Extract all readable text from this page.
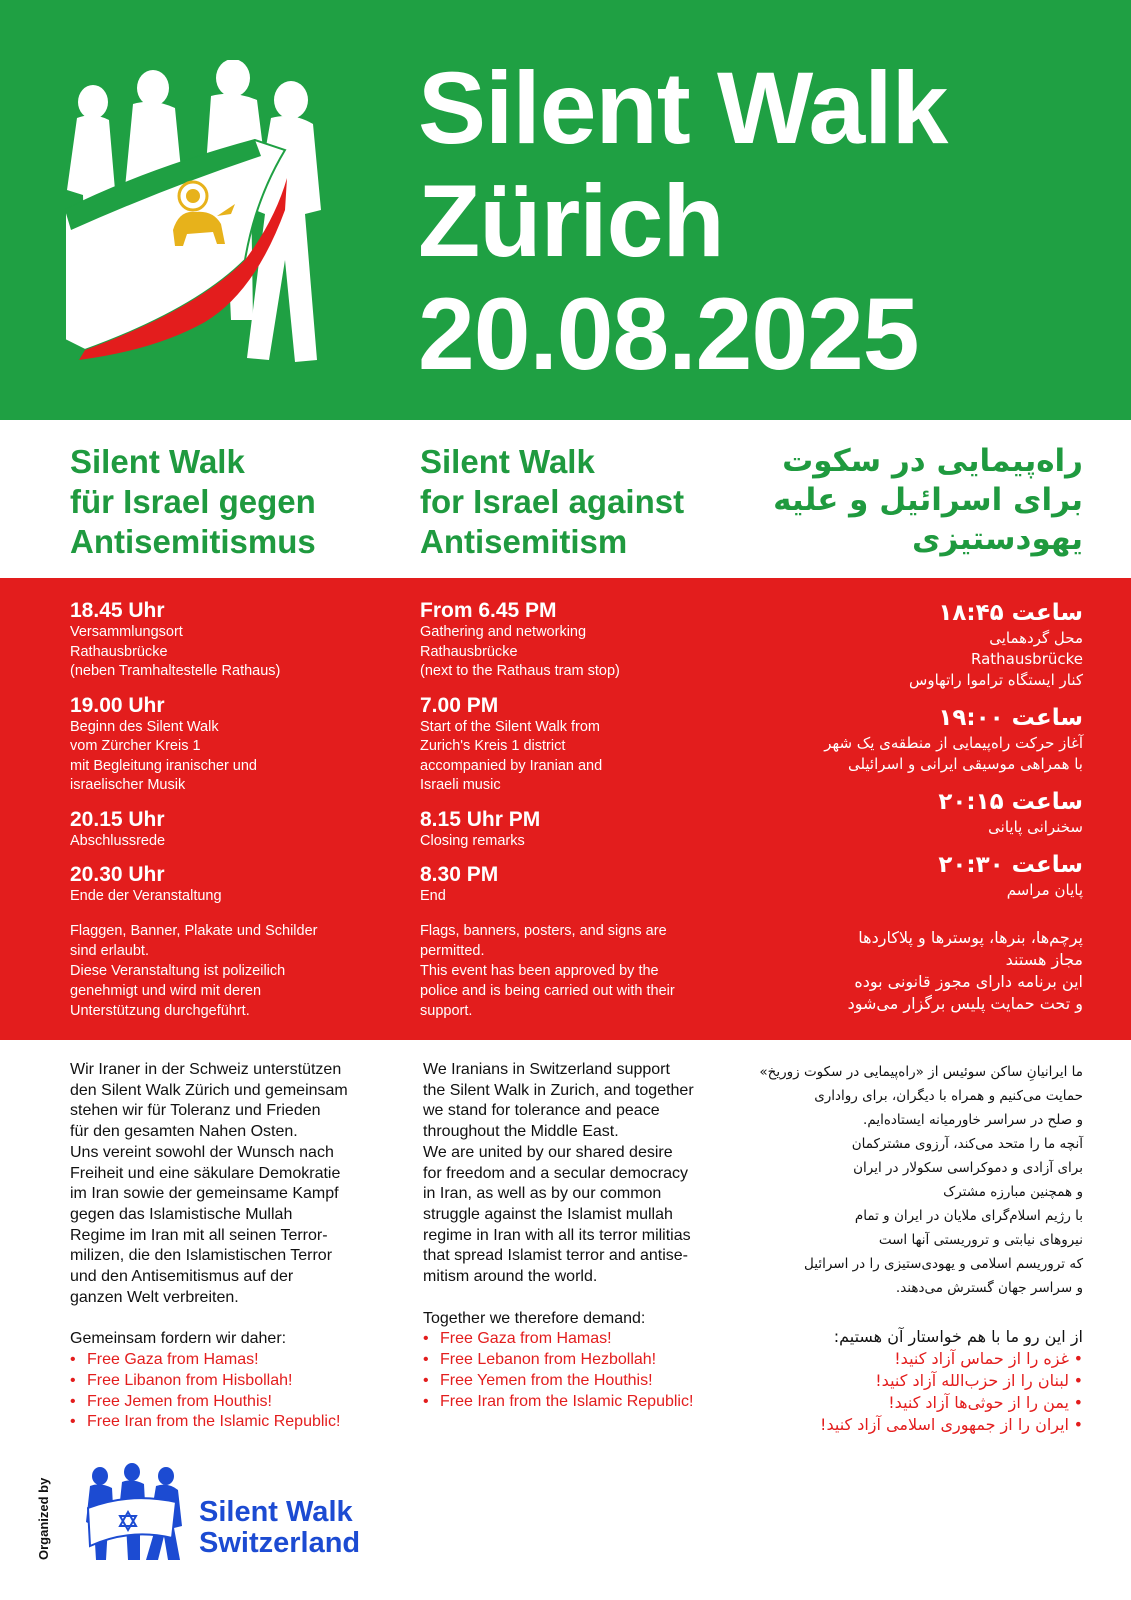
Silent Walk
Zürich
20.08.2025
Silent Walk
für Israel gegen
Antisemitismus
Silent Walk
for Israel against
Antisemitism
راه‌پیمایی در سکوت
برای اسرائیل و علیه
یهودستیزی
18.45 Uhr
Versammlungsort
Rathausbrücke
(neben Tramhaltestelle Rathaus)
19.00 Uhr
Beginn des Silent Walk
vom Zürcher Kreis 1
mit Begleitung iranischer und
israelischer Musik
20.15 Uhr
Abschlussrede
20.30 Uhr
Ende der Veranstaltung
Flaggen, Banner, Plakate und Schilder
sind erlaubt.
Diese Veranstaltung ist polizeilich
genehmigt und wird mit deren
Unterstützung durchgeführt.
From 6.45 PM
Gathering and networking
Rathausbrücke
(next to the Rathaus tram stop)
7.00 PM
Start of the Silent Walk from
Zurich's Kreis 1 district
accompanied by Iranian and
Israeli music
8.15 Uhr PM
Closing remarks
8.30 PM
End
Flags, banners, posters, and signs are
permitted.
This event has been approved by the
police and is being carried out with their
support.
ساعت ۱۸:۴۵
محل گردهمایی
Rathausbrücke
کنار ایستگاه تراموا راتهاوس
ساعت ۱۹:۰۰
آغاز حرکت راه‌پیمایی از منطقه‌ی یک شهر
با همراهی موسیقی ایرانی و اسرائیلی
ساعت ۲۰:۱۵
سخنرانی پایانی
ساعت ۲۰:۳۰
پایان مراسم
پرچم‌ها، بنرها، پوسترها و پلاکاردها
مجاز هستند
این برنامه دارای مجوز قانونی بوده
و تحت حمایت پلیس برگزار می‌شود
Wir Iraner in der Schweiz unterstützen
den Silent Walk Zürich und gemeinsam
stehen wir für Toleranz und Frieden
für den gesamten Nahen Osten.
Uns vereint sowohl der Wunsch nach
Freiheit und eine säkulare Demokratie
im Iran sowie der gemeinsame Kampf
gegen das Islamistische Mullah
Regime im Iran mit all seinen Terror-
milizen, die den Islamistischen Terror
und den Antisemitismus auf der
ganzen Welt verbreiten.
Gemeinsam fordern wir daher:
• Free Gaza from Hamas!
• Free Libanon from Hisbollah!
• Free Jemen from Houthis!
• Free Iran from the Islamic Republic!
We Iranians in Switzerland support
the Silent Walk in Zurich, and together
we stand for tolerance and peace
throughout the Middle East.
We are united by our shared desire
for freedom and a secular democracy
in Iran, as well as by our common
struggle against the Islamist mullah
regime in Iran with all its terror militias
that spread Islamist terror and antise-
mitism around the world.
Together we therefore demand:
• Free Gaza from Hamas!
• Free Lebanon from Hezbollah!
• Free Yemen from the Houthis!
• Free Iran from the Islamic Republic!
ما ایرانیانِ ساکن سوئیس از «راه‌پیمایی در سکوت زوریخ»
حمایت می‌کنیم و همراه با دیگران، برای رواداری
و صلح در سراسر خاورمیانه ایستاده‌ایم.
آنچه ما را متحد می‌کند، آرزوی مشترکمان
برای آزادی و دموکراسی سکولار در ایران
و همچنین مبارزه مشترک
با رژیم اسلام‌گرای ملایان در ایران و تمام
نیروهای نیابتی و تروریستی آنها است
که تروریسم اسلامی و یهودی‌ستیزی را در اسرائیل
و سراسر جهان گسترش می‌دهند.
از این رو ما با هم خواستار آن هستیم:
• غزه را از حماس آزاد کنید!
• لبنان را از حزب‌الله آزاد کنید!
• یمن را از حوثی‌ها آزاد کنید!
• ایران را از جمهوری اسلامی آزاد کنید!
Organized by	Silent Walk
Switzerland
